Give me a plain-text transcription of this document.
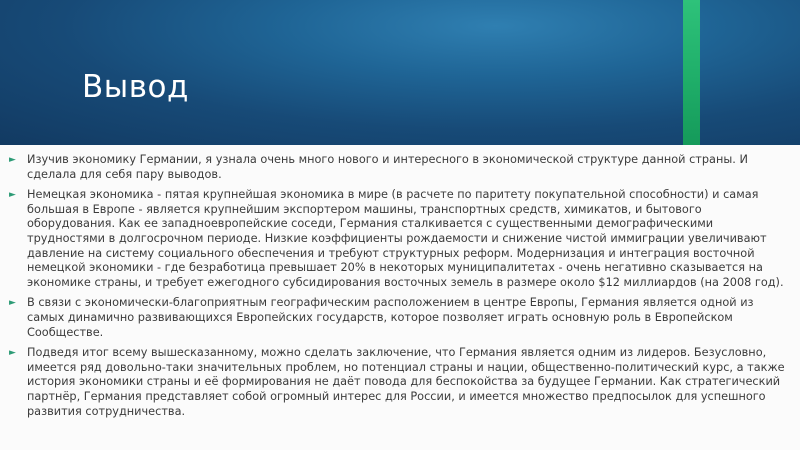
Вывод
► Изучив экономику Германии, я узнала очень много нового и интересного в экономической структуре данной страны. И сделала для себя пару выводов.
► Немецкая экономика - пятая крупнейшая экономика в мире (в расчете по паритету покупательной способности) и самая большая в Европе - является крупнейшим экспортером машины, транспортных средств, химикатов, и бытового оборудования. Как ее западноевропейские соседи, Германия сталкивается с существенными демографическими трудностями в долгосрочном периоде. Низкие коэффициенты рождаемости и снижение чистой иммиграции увеличивают давление на систему социального обеспечения и требуют структурных реформ. Модернизация и интеграция восточной немецкой экономики - где безработица превышает 20% в некоторых муниципалитетах - очень негативно сказывается на экономике страны, и требует ежегодного субсидирования восточных земель в размере около $12 миллиардов (на 2008 год).
► В связи с экономически-благоприятным географическим расположением в центре Европы, Германия является одной из самых динамично развивающихся Европейских государств, которое позволяет играть основную роль в Европейском Сообществе.
► Подведя итог всему вышесказанному, можно сделать заключение, что Германия является одним из лидеров. Безусловно, имеется ряд довольно-таки значительных проблем, но потенциал страны и нации, общественно-политический курс, а также история экономики страны и её формирования не даёт повода для беспокойства за будущее Германии. Как стратегический партнёр, Германия представляет собой огромный интерес для России, и имеется множество предпосылок для успешного развития сотрудничества.
